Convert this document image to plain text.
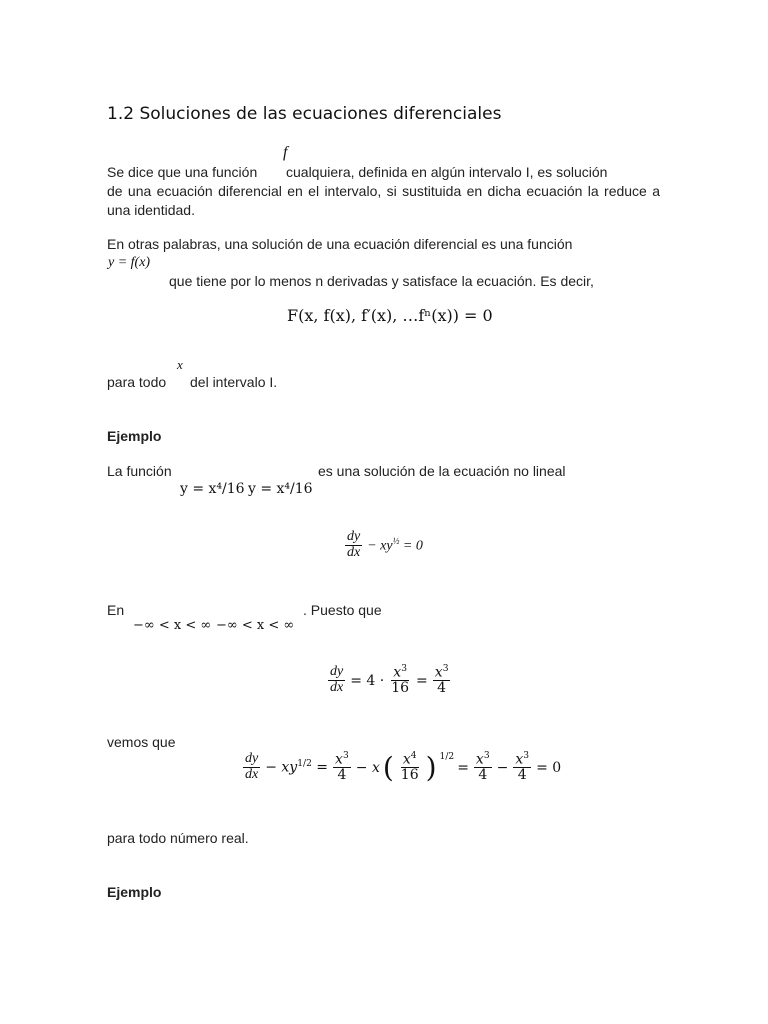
1.2 Soluciones de las ecuaciones diferenciales
f
Se dice que una función cualquiera, definida en algún intervalo I, es solución
de una ecuación diferencial en el intervalo, si sustituida en dicha ecuación la reduce a una identidad.
En otras palabras, una solución de una ecuación diferencial es una función
y = f(x)
que tiene por lo menos n derivadas y satisface la ecuación. Es decir,
F(x, f(x), f′(x), …fⁿ(x)) = 0
x
para todo del intervalo I.
Ejemplo
La función	es una solución de la ecuación no lineal
y = x⁴/16 y = x⁴/16
$\frac{dy}{dx} - xy^{\frac{1}{2}} = 0$
En	. Puesto que
−∞ < x < ∞ −∞ < x < ∞
$\frac{dy}{dx} = 4 \cdot \frac{x^3}{16} = \frac{x^3}{4}$
vemos que
$\frac{dy}{dx} - xy^{1/2} = \frac{x^3}{4} - x$ ( $\frac{x^4}{16}$ ) $^{1/2}$
= $\frac{x^3}{4} - \frac{x^3}{4} = 0$
para todo número real.
Ejemplo
